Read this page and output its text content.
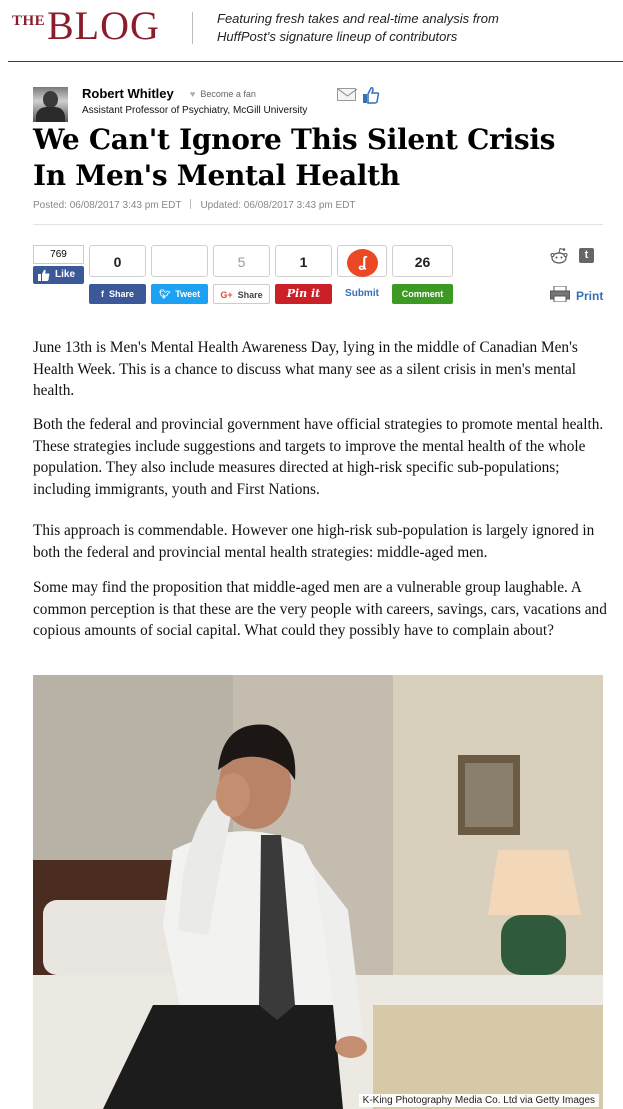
THE BLOG	Featuring fresh takes and real-time analysis from
HuffPost's signature lineup of contributors
Robert Whitley ♥ Become a fan
Assistant Professor of Psychiatry, McGill University
We Can't Ignore This Silent Crisis
In Men's Mental Health
Posted: 06/08/2017 3:43 pm EDT Updated: 06/08/2017 3:43 pm EDT
769
Like
0
f Share	🐦︎ Tweet
5
G+ Share
1
Pin it
ʆ
Submit
26
Comment
t
Print

June 13th is Men's Mental Health Awareness Day, lying in the middle of Canadian Men's Health Week. This is a chance to discuss what many see as a silent crisis in men's mental health.

Both the federal and provincial government have official strategies to promote mental health. These strategies include suggestions and targets to improve the mental health of the whole population. They also include measures directed at high-risk specific sub-populations; including immigrants, youth and First Nations.

This approach is commendable. However one high-risk sub-population is largely ignored in both the federal and provincial mental health strategies: middle-aged men.

Some may find the proposition that middle-aged men are a vulnerable group laughable. A common perception is that these are the very people with careers, savings, cars, vacations and copious amounts of social capital. What could they possibly have to complain about?

K-King Photography Media Co. Ltd via Getty Images
